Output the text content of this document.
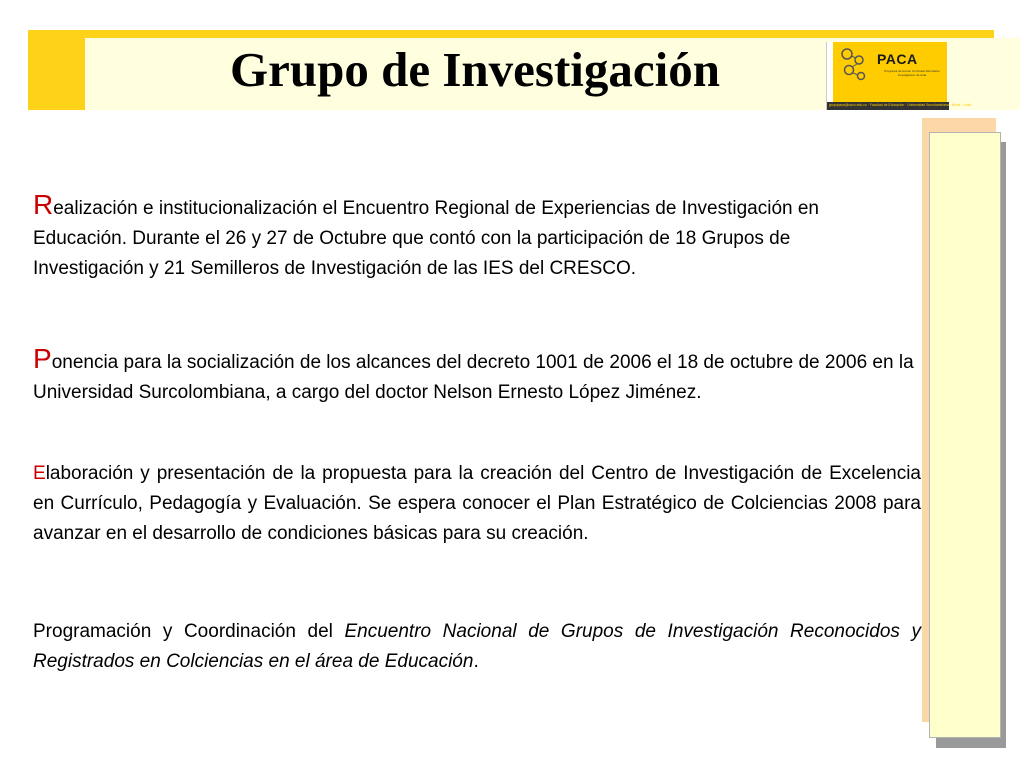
Grupo de Investigación	PACA
Programa de Acción Curricular Alternativo Investigación de Aula
grupopaca@usco.edu.co · Facultad de Educación · Universidad Surcolombiana · Neiva · Huila

Realización e institucionalización el Encuentro Regional de Experiencias de Investigación en Educación. Durante el 26 y 27 de Octubre que contó con la participación de 18 Grupos de Investigación y 21 Semilleros de Investigación de las IES del CRESCO.

Ponencia para la socialización de los alcances del decreto 1001 de 2006 el 18 de octubre de 2006 en la Universidad Surcolombiana, a cargo del doctor Nelson Ernesto López Jiménez.

Elaboración y presentación de la propuesta para la creación del Centro de Investigación de Excelencia en Currículo, Pedagogía y Evaluación. Se espera conocer el Plan Estratégico de Colciencias 2008 para avanzar en el desarrollo de condiciones básicas para su creación.

Programación y Coordinación del Encuentro Nacional de Grupos de Investigación Reconocidos y Registrados en Colciencias en el área de Educación.
